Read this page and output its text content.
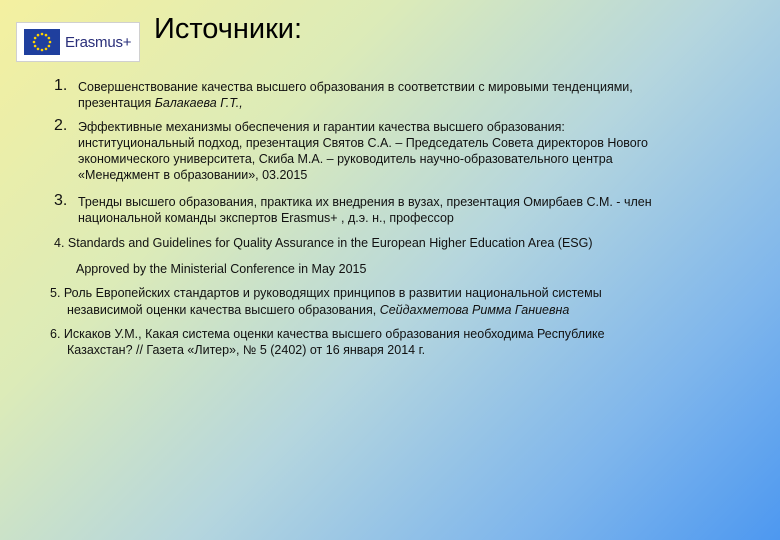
Erasmus+ Источники:
1. Совершенствование качества высшего образования в соответствии с мировыми тенденциями,
презентация Балакаева Г.Т.,
2. Эффективные механизмы обеспечения и гарантии качества высшего образования:
институциональный подход, презентация Святов С.А. – Председатель Совета директоров Нового
экономического университета, Скиба М.А. – руководитель научно-образовательного центра
«Менеджмент в образовании», 03.2015
3. Тренды высшего образования, практика их внедрения в вузах, презентация Омирбаев С.М. - член
национальной команды экспертов Erasmus+ , д.э. н., профессор
4. Standards and Guidelines for Quality Assurance in the European Higher Education Area (ESG)
Approved by the Ministerial Conference in May 2015
5. Роль Европейских стандартов и руководящих принципов в развитии национальной системы
независимой оценки качества высшего образования, Сейдахметова Римма Ганиевна
6. Искаков У.М., Какая система оценки качества высшего образования необходима Республике
Казахстан? // Газета «Литер», № 5 (2402) от 16 января 2014 г.
